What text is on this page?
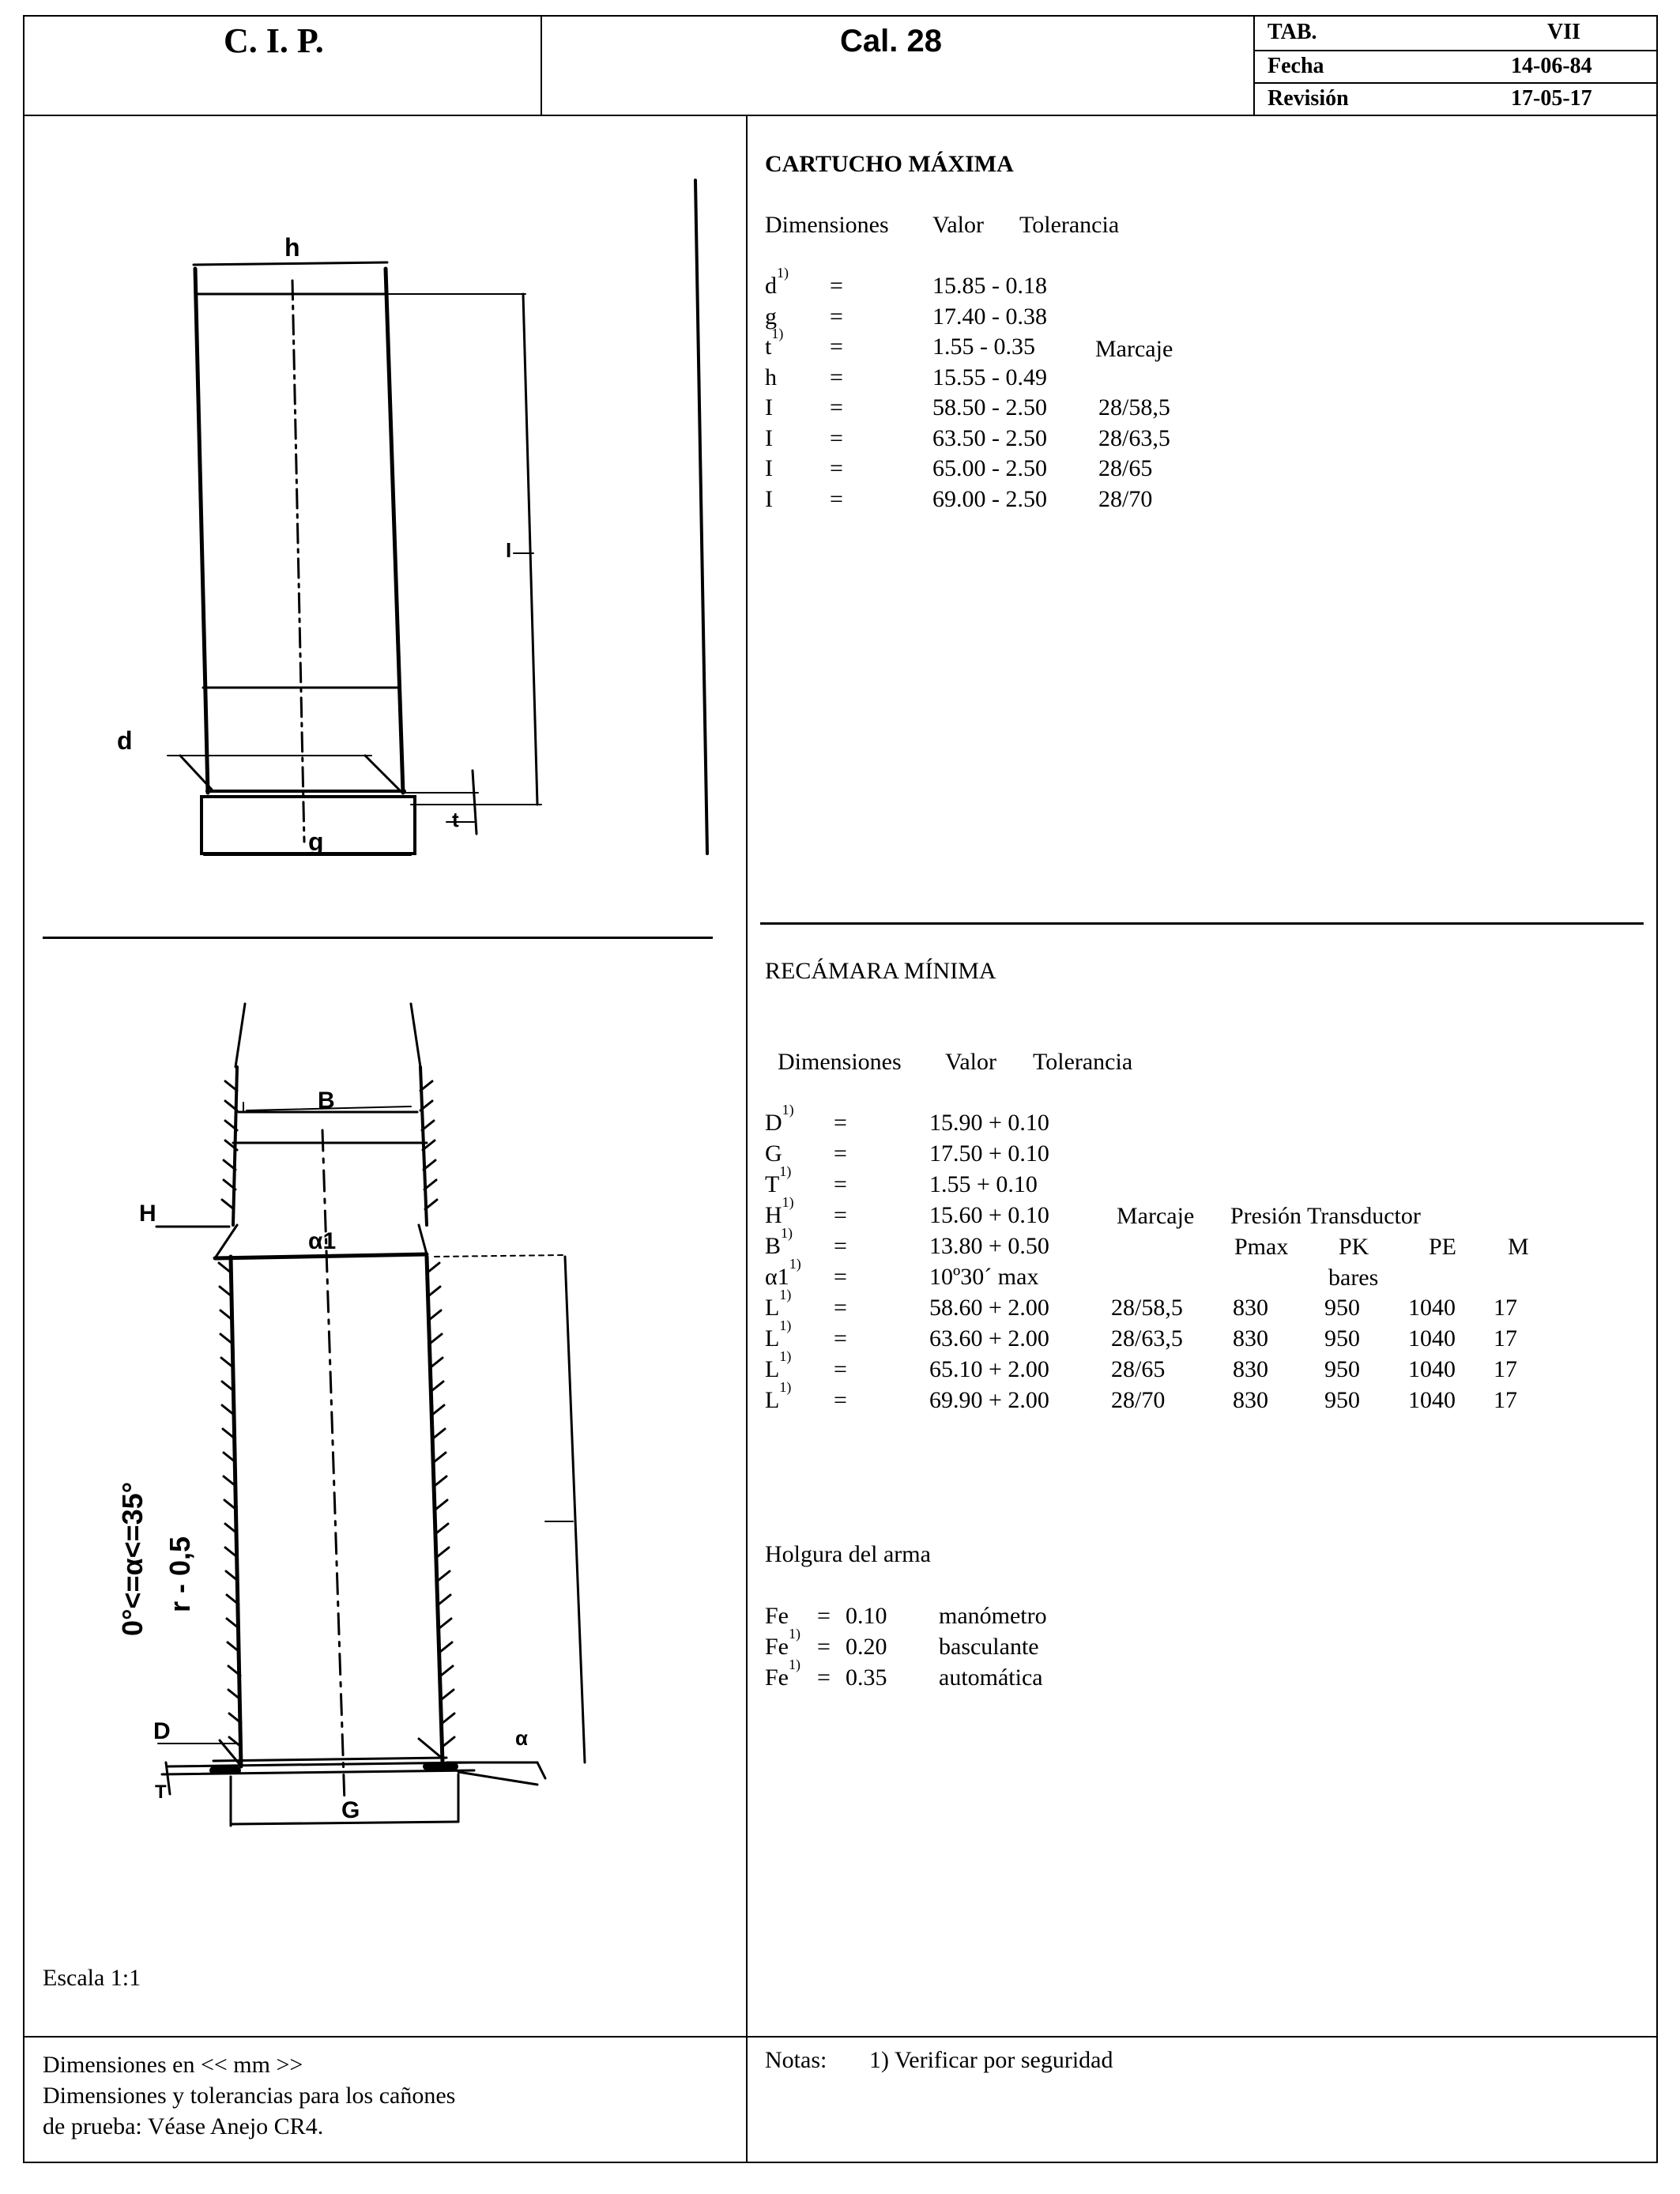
C. I. P.	Cal. 28	TAB.	VII
Fecha	14-06-84
Revisión	17-05-17
CARTUCHO MÁXIMA
Dimensiones Valor Tolerancia
Marcaje
$d^{1)}$ =	15.85 - 0.18
g =	17.40 - 0.38
$t^{1)}$ =	1.55 - 0.35
h =	15.55 - 0.49
I =	58.50 - 2.50 28/58,5
I =	63.50 - 2.50 28/63,5
I =	65.00 - 2.50 28/65
I =	69.00 - 2.50 28/70
RECÁMARA MÍNIMA
Dimensiones Valor Tolerancia
Marcaje Presión Transductor
Pmax PK	PE M
bares
$D^{1)}$ =	15.90 + 0.10
G =	17.50 + 0.10
$T^{1)}$ =	1.55 + 0.10
$H^{1)}$ =	15.60 + 0.10
$B^{1)}$ =	13.80 + 0.50
$\alpha 1^{1)}$ =	10º30´ max
$L^{1)}$ =	58.60 + 2.00	28/58,5 830 950 1040 17
$L^{1)}$ =	63.60 + 2.00	28/63,5 830 950 1040 17
$L^{1)}$ =	65.10 + 2.00	28/65	830 950 1040 17
$L^{1)}$ =	69.90 + 2.00	28/70	830 950 1040 17
Holgura del arma
Fe = 0.10 manómetro
$Fe^{1)} = 0.20$ basculante
$Fe^{1)} = 0.35$ automática
Dimensiones en << mm >>
Dimensiones y tolerancias para los cañones
de prueba: Véase Anejo CR4.
Notas: 1) Verificar por seguridad
Escala 1:1
h
d
g
I
t
B
H
α1
D
G
T
α
0°<=α<=35° r - 0,5
